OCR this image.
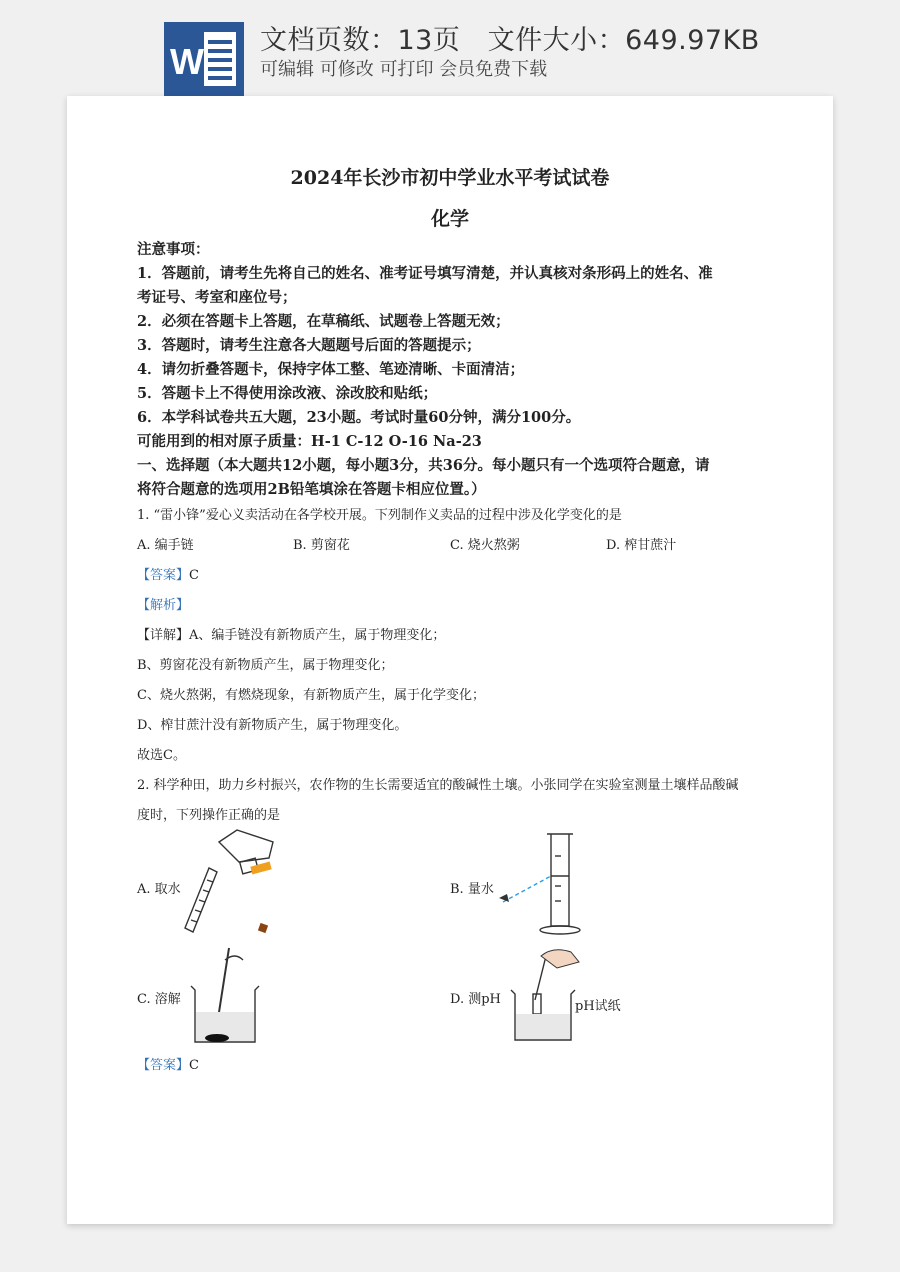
W
文档页数：13页   文件大小：649.97KB
可编辑 可修改 可打印 会员免费下载
2024年长沙市初中学业水平考试试卷
化学
注意事项：
1．答题前，请考生先将自己的姓名、准考证号填写清楚，并认真核对条形码上的姓名、准
考证号、考室和座位号；
2．必须在答题卡上答题，在草稿纸、试题卷上答题无效；
3．答题时，请考生注意各大题题号后面的答题提示；
4．请勿折叠答题卡，保持字体工整、笔迹清晰、卡面清洁；
5．答题卡上不得使用涂改液、涂改胶和贴纸；
6．本学科试卷共五大题，23小题。考试时量60分钟，满分100分。
可能用到的相对原子质量：H-1 C-12 O-16 Na-23
一、选择题（本大题共12小题，每小题3分，共36分。每小题只有一个选项符合题意，请
将符合题意的选项用2B铅笔填涂在答题卡相应位置。）
1. “雷小锋”爱心义卖活动在各学校开展。下列制作义卖品的过程中涉及化学变化的是
A. 编手链	B. 剪窗花	C. 烧火熬粥	D. 榨甘蔗汁
【答案】C
【解析】
【详解】A、编手链没有新物质产生，属于物理变化；
B、剪窗花没有新物质产生，属于物理变化；
C、烧火熬粥，有燃烧现象，有新物质产生，属于化学变化；
D、榨甘蔗汁没有新物质产生，属于物理变化。
故选C。
2. 科学种田，助力乡村振兴，农作物的生长需要适宜的酸碱性土壤。小张同学在实验室测量土壤样品酸碱
度时，下列操作正确的是
A. 取水	B. 量水
C. 溶解	D. 测pH	pH试纸
【答案】C
